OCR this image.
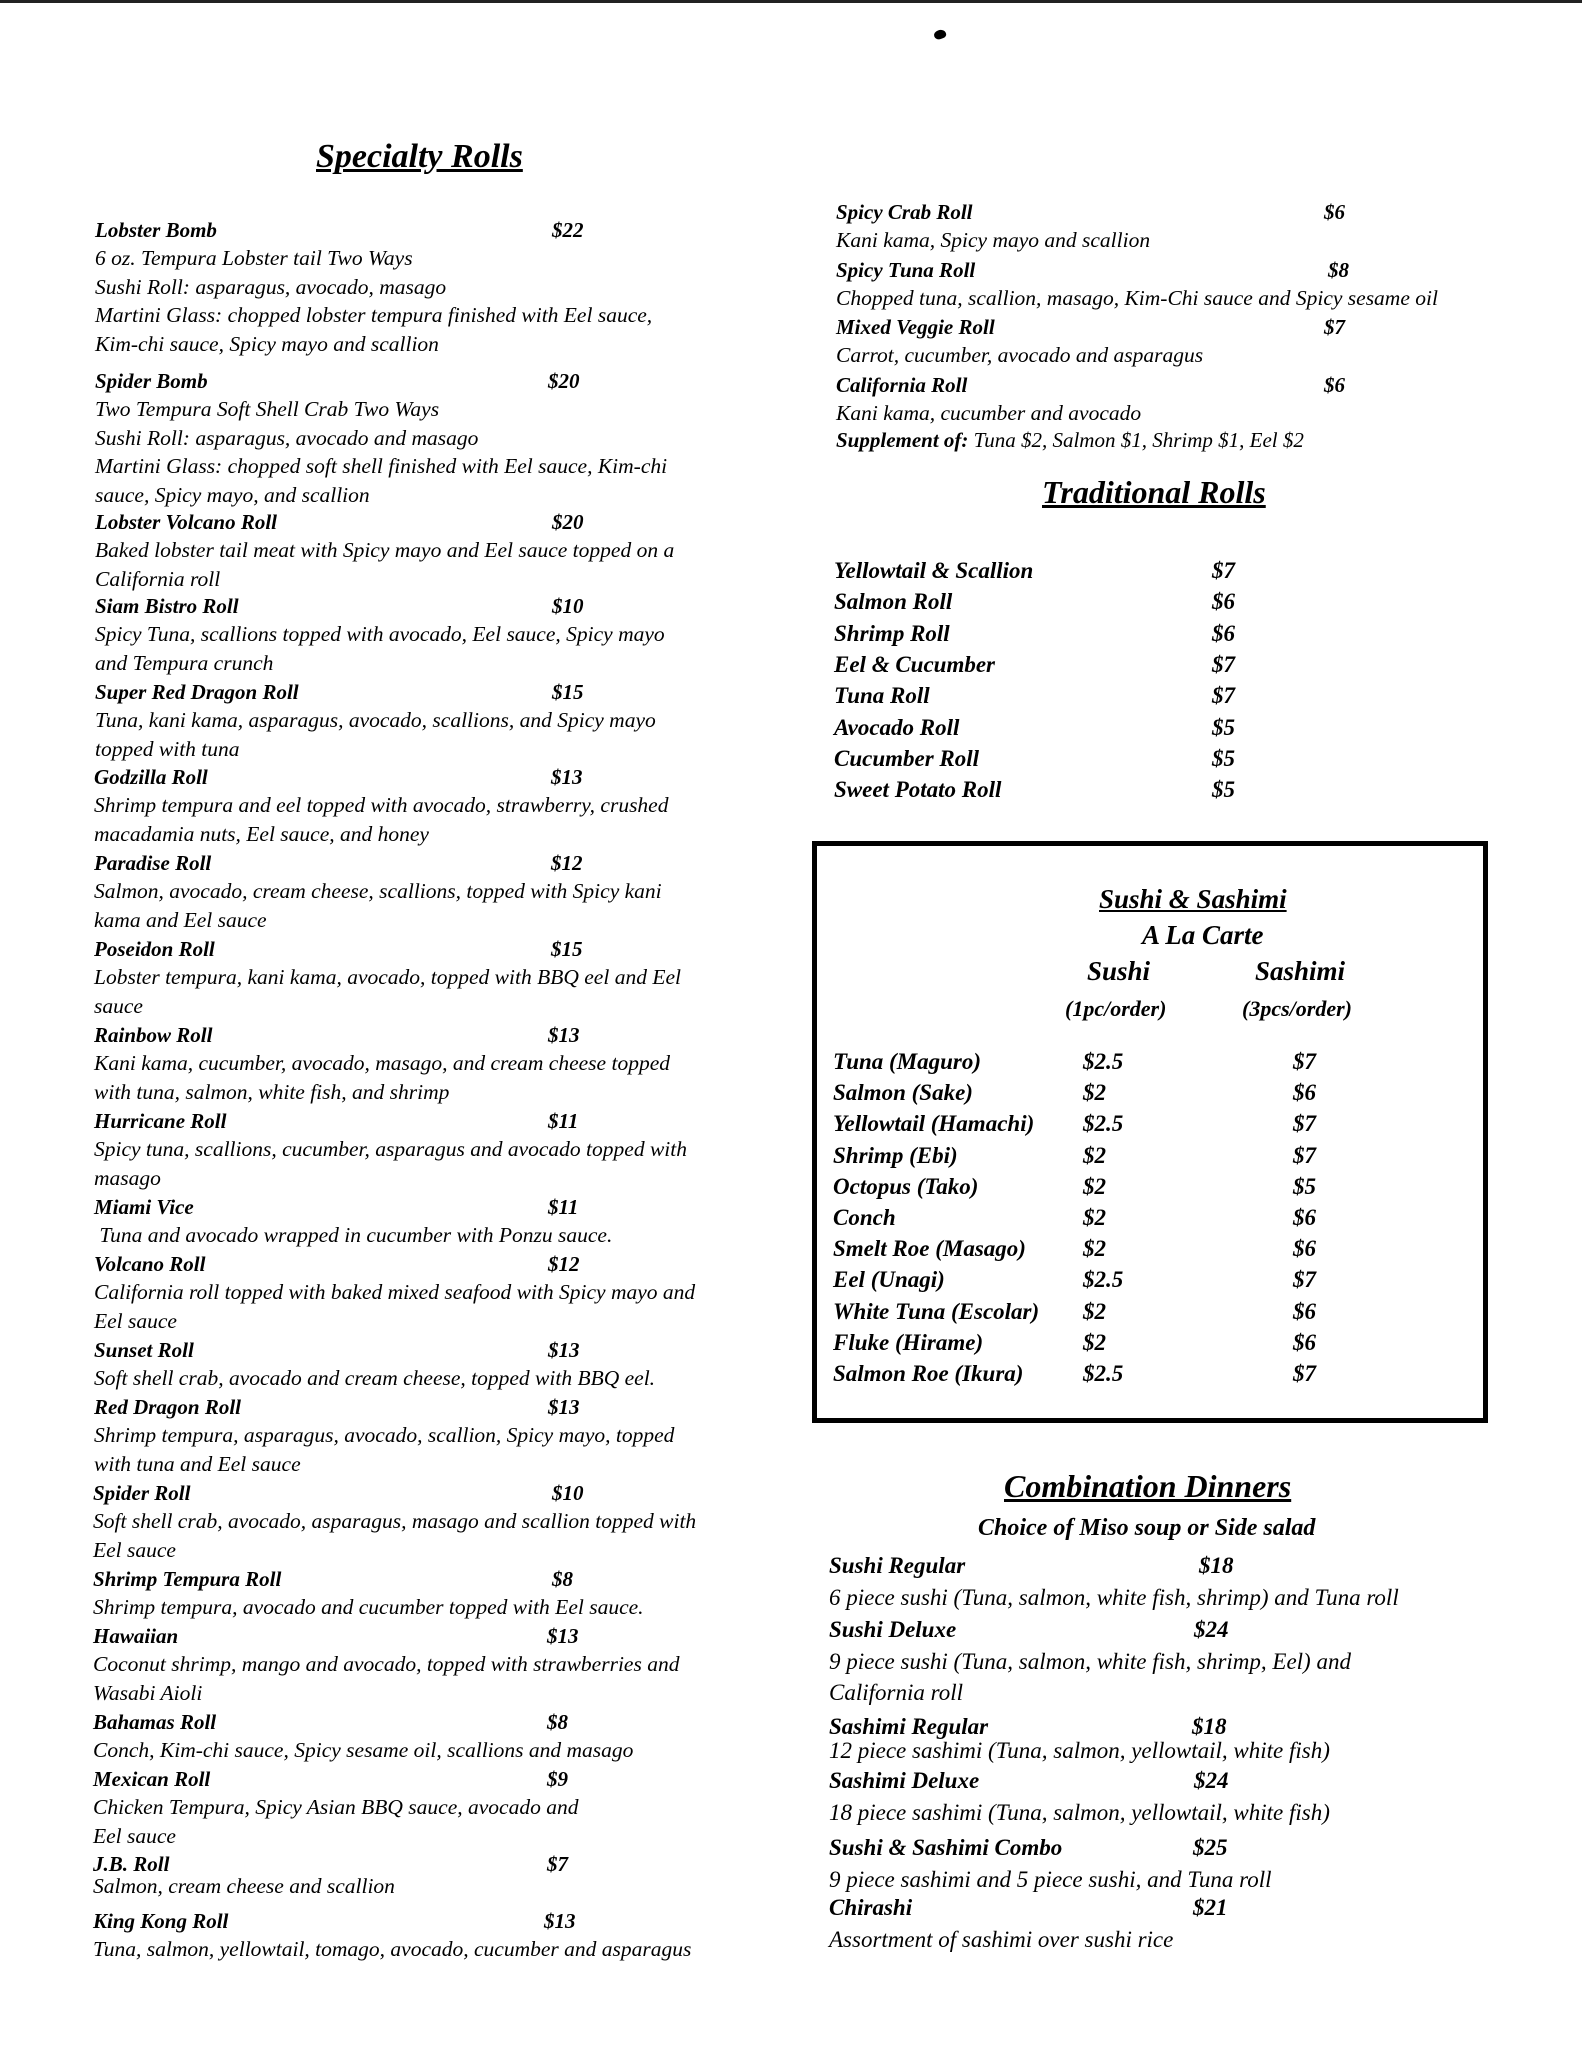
Specialty Rolls
Lobster Bomb	$22
6 oz. Tempura Lobster tail Two Ways
Sushi Roll: asparagus, avocado, masago
Martini Glass: chopped lobster tempura finished with Eel sauce,
Kim-chi sauce, Spicy mayo and scallion
Spider Bomb	$20
Two Tempura Soft Shell Crab Two Ways
Sushi Roll: asparagus, avocado and masago
Martini Glass: chopped soft shell finished with Eel sauce, Kim-chi
sauce, Spicy mayo, and scallion
Lobster Volcano Roll	$20
Baked lobster tail meat with Spicy mayo and Eel sauce topped on a
California roll
Siam Bistro Roll	$10
Spicy Tuna, scallions topped with avocado, Eel sauce, Spicy mayo
and Tempura crunch
Super Red Dragon Roll	$15
Tuna, kani kama, asparagus, avocado, scallions, and Spicy mayo
topped with tuna
Godzilla Roll	$13
Shrimp tempura and eel topped with avocado, strawberry, crushed
macadamia nuts, Eel sauce, and honey
Paradise Roll	$12
Salmon, avocado, cream cheese, scallions, topped with Spicy kani
kama and Eel sauce
Poseidon Roll	$15
Lobster tempura, kani kama, avocado, topped with BBQ eel and Eel
sauce
Rainbow Roll	$13
Kani kama, cucumber, avocado, masago, and cream cheese topped
with tuna, salmon, white fish, and shrimp
Hurricane Roll	$11
Spicy tuna, scallions, cucumber, asparagus and avocado topped with
masago
Miami Vice	$11
Tuna and avocado wrapped in cucumber with Ponzu sauce.
Volcano Roll	$12
California roll topped with baked mixed seafood with Spicy mayo and
Eel sauce
Sunset Roll	$13
Soft shell crab, avocado and cream cheese, topped with BBQ eel.
Red Dragon Roll	$13
Shrimp tempura, asparagus, avocado, scallion, Spicy mayo, topped
with tuna and Eel sauce
Spider Roll	$10
Soft shell crab, avocado, asparagus, masago and scallion topped with
Eel sauce
Shrimp Tempura Roll	$8
Shrimp tempura, avocado and cucumber topped with Eel sauce.
Hawaiian	$13
Coconut shrimp, mango and avocado, topped with strawberries and
Wasabi Aioli
Bahamas Roll	$8
Conch, Kim-chi sauce, Spicy sesame oil, scallions and masago
Mexican Roll	$9
Chicken Tempura, Spicy Asian BBQ sauce, avocado and
Eel sauce
J.B. Roll	$7
Salmon, cream cheese and scallion
King Kong Roll	$13
Tuna, salmon, yellowtail, tomago, avocado, cucumber and asparagus
Spicy Crab Roll	$6
Kani kama, Spicy mayo and scallion
Spicy Tuna Roll	$8
Chopped tuna, scallion, masago, Kim-Chi sauce and Spicy sesame oil
Mixed Veggie Roll	$7
Carrot, cucumber, avocado and asparagus
California Roll	$6
Kani kama, cucumber and avocado
Supplement of: Tuna $2, Salmon $1, Shrimp $1, Eel $2
Traditional Rolls
Yellowtail & Scallion	$7
Salmon Roll	$6
Shrimp Roll	$6
Eel & Cucumber	$7
Tuna Roll	$7
Avocado Roll	$5
Cucumber Roll	$5
Sweet Potato Roll	$5
Combination Dinners
Choice of Miso soup or Side salad
Sushi Regular	$18
6 piece sushi (Tuna, salmon, white fish, shrimp) and Tuna roll
Sushi Deluxe	$24
9 piece sushi (Tuna, salmon, white fish, shrimp, Eel) and
California roll
Sashimi Regular	$18
12 piece sashimi (Tuna, salmon, yellowtail, white fish)
Sashimi Deluxe	$24
18 piece sashimi (Tuna, salmon, yellowtail, white fish)
Sushi & Sashimi Combo	$25
9 piece sashimi and 5 piece sushi, and Tuna roll
Chirashi	$21
Assortment of sashimi over sushi rice
Sushi & Sashimi
A La Carte
Sushi	Sashimi
(1pc/order)	(3pcs/order)
Tuna (Maguro)	$2.5	$7
Salmon (Sake)	$2	$6
Yellowtail (Hamachi) $2.5	$7
Shrimp (Ebi)	$2	$7
Octopus (Tako)	$2	$5
Conch	$2	$6
Smelt Roe (Masago) $2	$6
Eel (Unagi)	$2.5	$7
White Tuna (Escolar) $2	$6
Fluke (Hirame)	$2	$6
Salmon Roe (Ikura)	$2.5	$7
